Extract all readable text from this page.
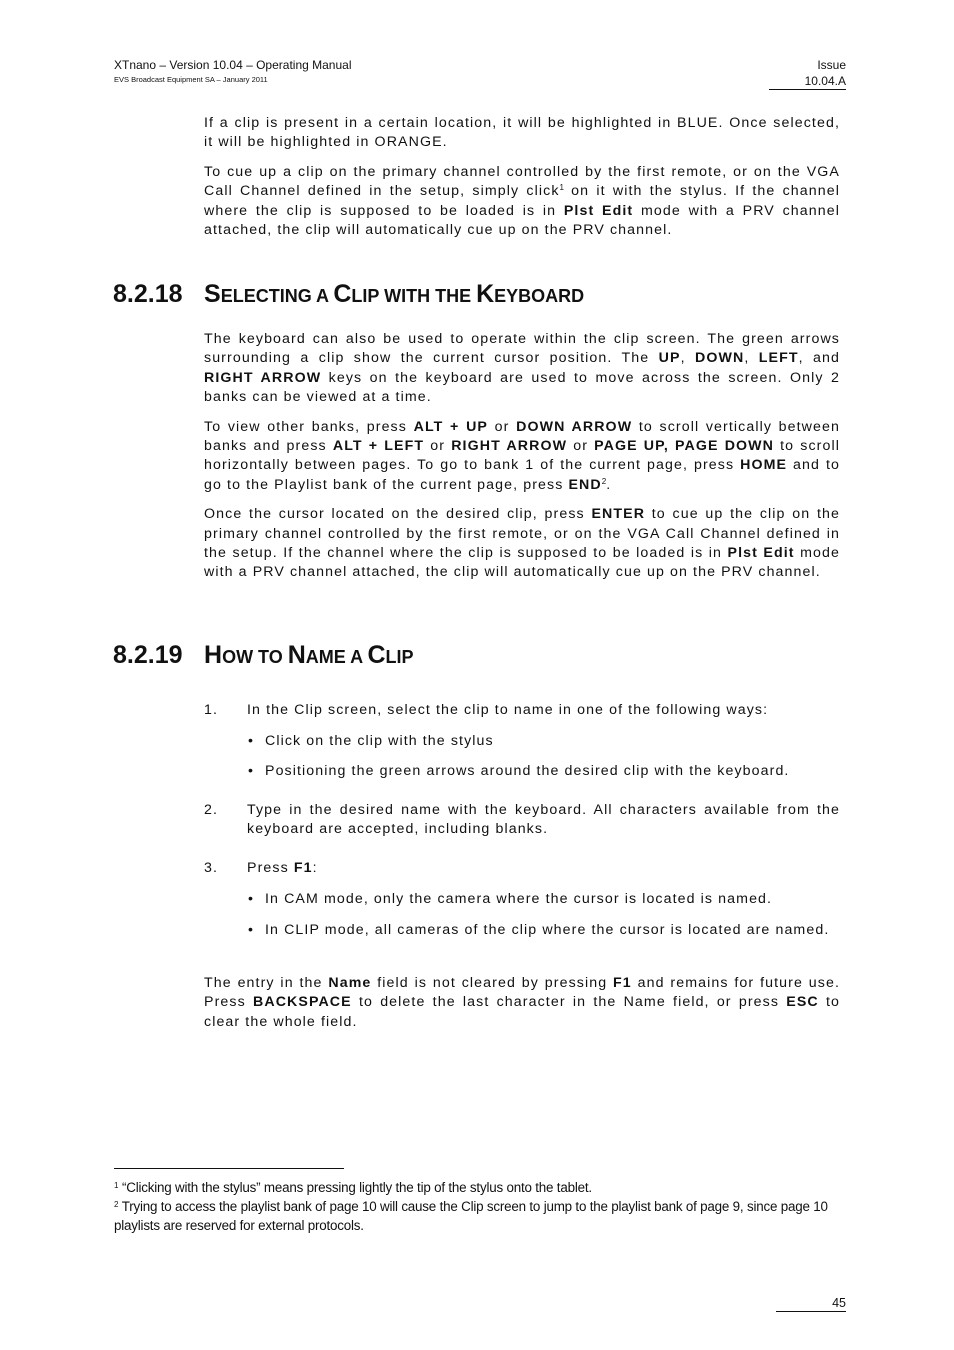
XTnano – Version 10.04 – Operating Manual
EVS Broadcast Equipment SA – January 2011
Issue
10.04.A

If a clip is present in a certain location, it will be highlighted in BLUE. Once selected, it will be highlighted in ORANGE.

To cue up a clip on the primary channel controlled by the first remote, or on the VGA Call Channel defined in the setup, simply click$^1$ on it with the stylus. If the channel where the clip is supposed to be loaded is in Plst Edit mode with a PRV channel attached, the clip will automatically cue up on the PRV channel.

8.2.18 SELECTING A CLIP WITH THE KEYBOARD

The keyboard can also be used to operate within the clip screen. The green arrows surrounding a clip show the current cursor position. The UP, DOWN, LEFT, and RIGHT ARROW keys on the keyboard are used to move across the screen. Only 2 banks can be viewed at a time.

To view other banks, press ALT + UP or DOWN ARROW to scroll vertically between banks and press ALT + LEFT or RIGHT ARROW or PAGE UP, PAGE DOWN to scroll horizontally between pages. To go to bank 1 of the current page, press HOME and to go to the Playlist bank of the current page, press END$^2$.

Once the cursor located on the desired clip, press ENTER to cue up the clip on the primary channel controlled by the first remote, or on the VGA Call Channel defined in the setup. If the channel where the clip is supposed to be loaded is in Plst Edit mode with a PRV channel attached, the clip will automatically cue up on the PRV channel.

8.2.19 HOW TO NAME A CLIP
1. In the Clip screen, select the clip to name in one of the following ways:
• Click on the clip with the stylus
• Positioning the green arrows around the desired clip with the keyboard.
2. Type in the desired name with the keyboard. All characters available from the keyboard are accepted, including blanks.
3. Press F1:
• In CAM mode, only the camera where the cursor is located is named.
• In CLIP mode, all cameras of the clip where the cursor is located are named.

The entry in the Name field is not cleared by pressing F1 and remains for future use. Press BACKSPACE to delete the last character in the Name field, or press ESC to clear the whole field.

$^1$ “Clicking with the stylus” means pressing lightly the tip of the stylus onto the tablet.
$^2$ Trying to access the playlist bank of page 10 will cause the Clip screen to jump to the playlist bank of page 9, since page 10 playlists are reserved for external protocols.
45
